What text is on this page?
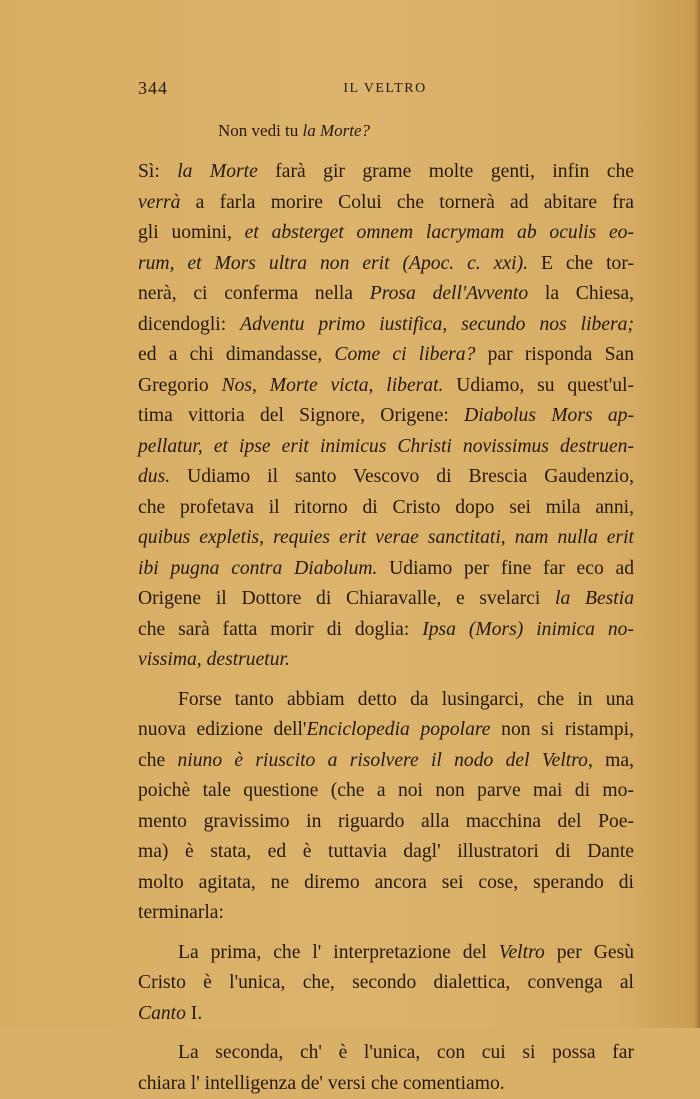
344	IL VELTRO
Non vedi tu la Morte?
Sì: la Morte farà gir grame molte genti, infin che
verrà a farla morire Colui che tornerà ad abitare fra
gli uomini, et absterget omnem lacrymam ab oculis eo-
rum, et Mors ultra non erit (Apoc. c. xxi). E che tor-
nerà, ci conferma nella Prosa dell'Avvento la Chiesa,
dicendogli: Adventu primo iustifica, secundo nos libera;
ed a chi dimandasse, Come ci libera? par risponda San
Gregorio Nos, Morte victa, liberat. Udiamo, su quest'ul-
tima vittoria del Signore, Origene: Diabolus Mors ap-
pellatur, et ipse erit inimicus Christi novissimus destruen-
dus. Udiamo il santo Vescovo di Brescia Gaudenzio,
che profetava il ritorno di Cristo dopo sei mila anni,
quibus expletis, requies erit verae sanctitati, nam nulla erit
ibi pugna contra Diabolum. Udiamo per fine far eco ad
Origene il Dottore di Chiaravalle, e svelarci la Bestia
che sarà fatta morir di doglia: Ipsa (Mors) inimica no-
vissima, destruetur.
Forse tanto abbiam detto da lusingarci, che in una
nuova edizione dell'Enciclopedia popolare non si ristampi,
che niuno è riuscito a risolvere il nodo del Veltro, ma,
poichè tale questione (che a noi non parve mai di mo-
mento gravissimo in riguardo alla macchina del Poe-
ma) è stata, ed è tuttavia dagl' illustratori di Dante
molto agitata, ne diremo ancora sei cose, sperando di
terminarla:
La prima, che l' interpretazione del Veltro per Gesù
Cristo è l'unica, che, secondo dialettica, convenga al
Canto I.
La seconda, ch' è l'unica, con cui si possa far
chiara l' intelligenza de' versi che comentiamo.
